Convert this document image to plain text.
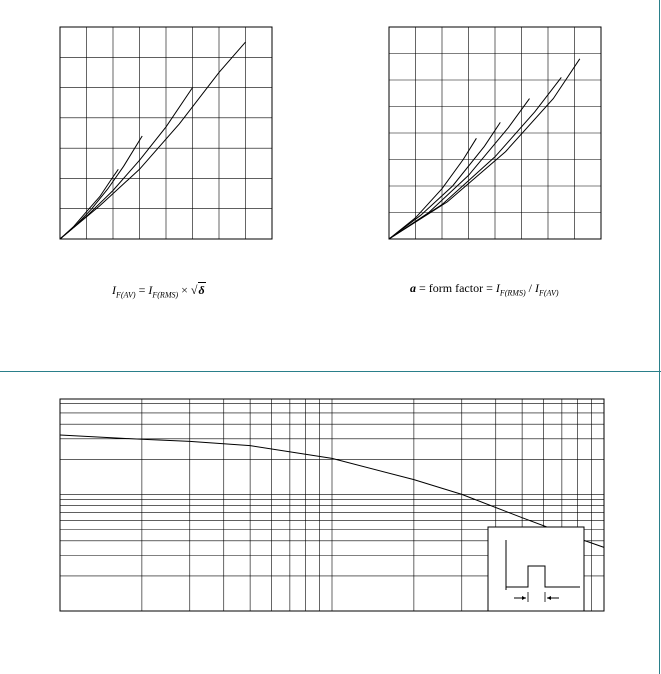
$I_{F(AV)} = I_{F(RMS)} \times √\delta$	a = form factor = $I_{F(RMS)} / I_{F(AV)}$
